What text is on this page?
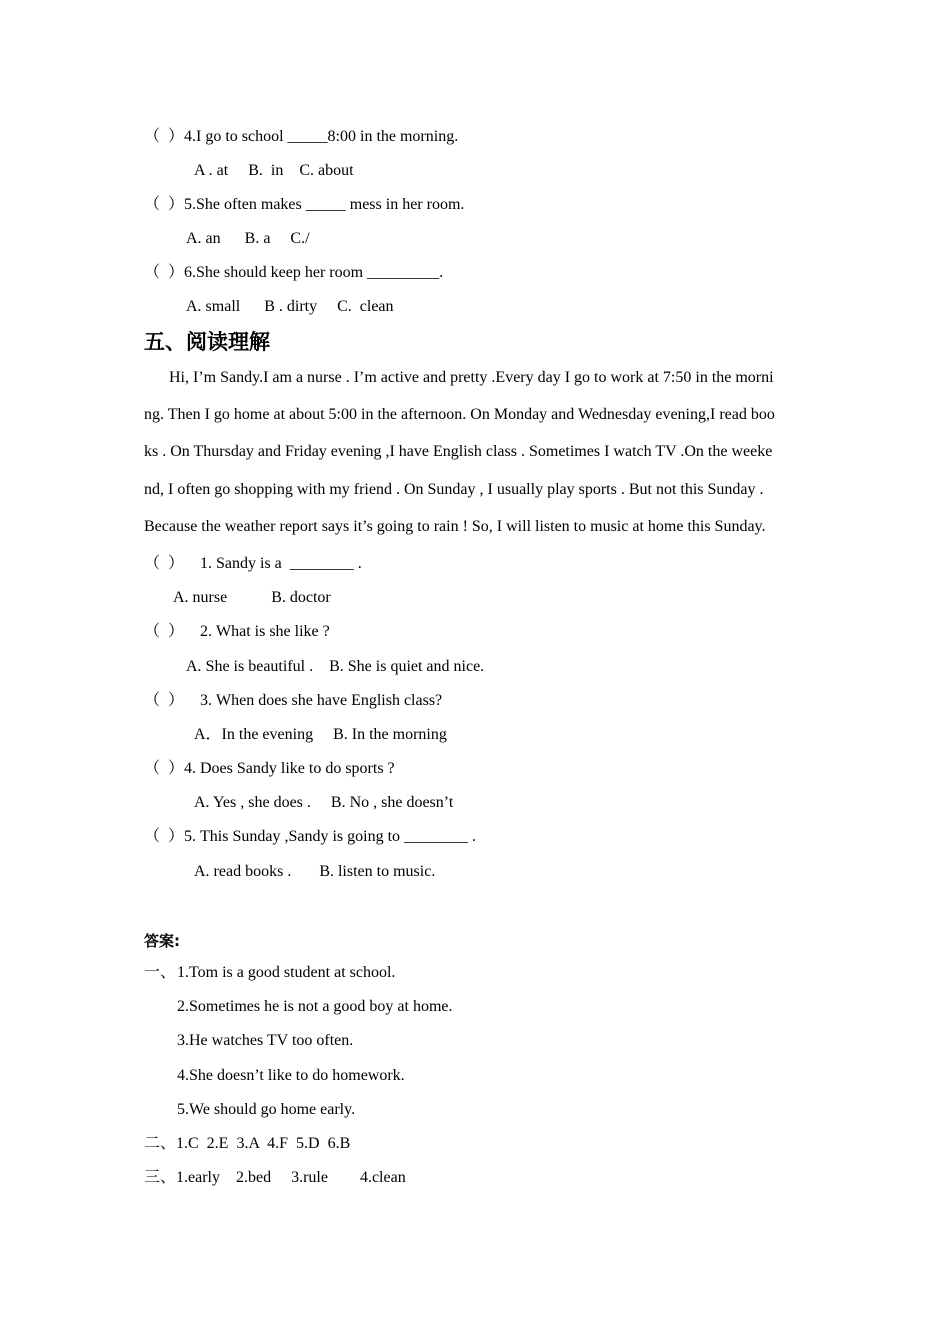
（  ）4.I go to school _____8:00 in the morning.
A . at     B.  in    C. about
（  ）5.She often makes _____ mess in her room.
A. an      B. a     C./
（  ）6.She should keep her room _________.
A. small      B . dirty     C.  clean
五、阅读理解
Hi, I’m Sandy.I am a nurse . I’m active and pretty .Every day I go to work at 7:50 in the morni
ng. Then I go home at about 5:00 in the afternoon. On Monday and Wednesday evening,I read boo
ks . On Thursday and Friday evening ,I have English class . Sometimes I watch TV .On the weeke
nd, I often go shopping with my friend . On Sunday , I usually play sports . But not this Sunday .
Because the weather report says it’s going to rain ! So, I will listen to music at home this Sunday.
（  ）    1. Sandy is a  ________ .
A. nurse           B. doctor
（  ）    2. What is she like ?
A. She is beautiful .    B. She is quiet and nice.
（  ）    3. When does she have English class?
A．In the evening     B. In the morning
（  ）4. Does Sandy like to do sports ?
A. Yes , she does .     B. No , she doesn’t
（  ）5. This Sunday ,Sandy is going to ________ .
A. read books .       B. listen to music.
答案:
一、 1.Tom is a good student at school.
2.Sometimes he is not a good boy at home.
3.He watches TV too often.
4.She doesn’t like to do homework.
5.We should go home early.
二、1.C  2.E  3.A  4.F  5.D  6.B
三、1.early    2.bed     3.rule        4.clean
